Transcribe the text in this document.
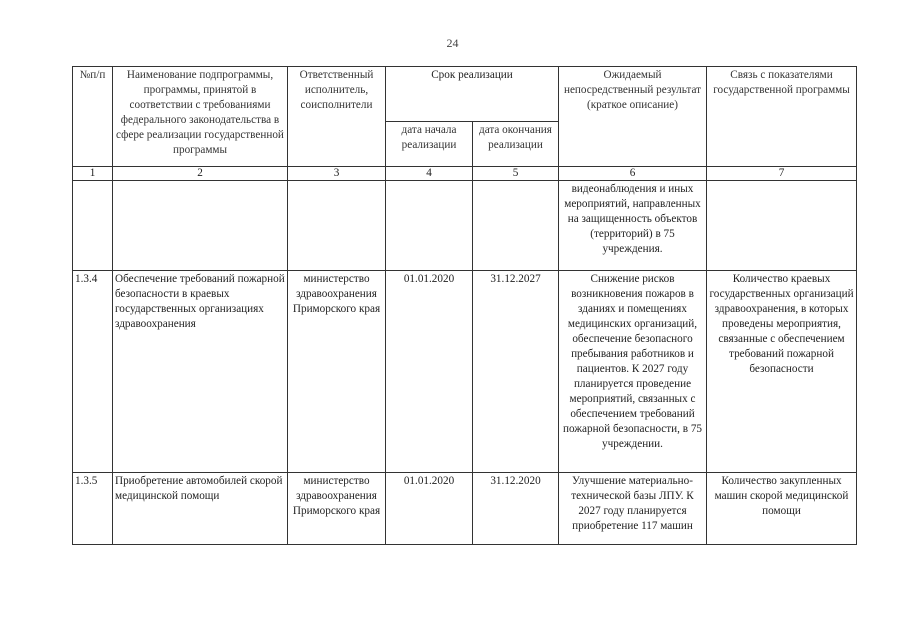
24
№п/п	Наименование подпрограммы, программы, принятой в соответствии с требованиями федерального законодательства в сфере реализации государственной программы	Ответственный исполнитель, соисполнители	Срок реализации		Ожидаемый непосредственный результат (краткое описание)	Связь с показателями государственной программы
			дата начала реализации	дата окончания реализации		
1	2	3	4	5	6	7
					видеонаблюдения и иных мероприятий, направленных на защищенность объектов (территорий) в 75 учреждения.	
1.3.4	Обеспечение требований пожарной безопасности в краевых государственных организациях здравоохранения	министерство здравоохранения Приморского края	01.01.2020	31.12.2027	Снижение рисков возникновения пожаров в зданиях и помещениях медицинских организаций, обеспечение безопасного пребывания работников и пациентов. К 2027 году планируется проведение мероприятий, связанных с обеспечением требований пожарной безопасности, в 75 учреждении.	Количество краевых государственных организаций здравоохранения, в которых проведены мероприятия, связанные с обеспечением требований пожарной безопасности
1.3.5	Приобретение автомобилей скорой медицинской помощи	министерство здравоохранения Приморского края	01.01.2020	31.12.2020	Улучшение материально-технической базы ЛПУ. К 2027 году планируется приобретение 117 машин	Количество закупленных машин скорой медицинской помощи
